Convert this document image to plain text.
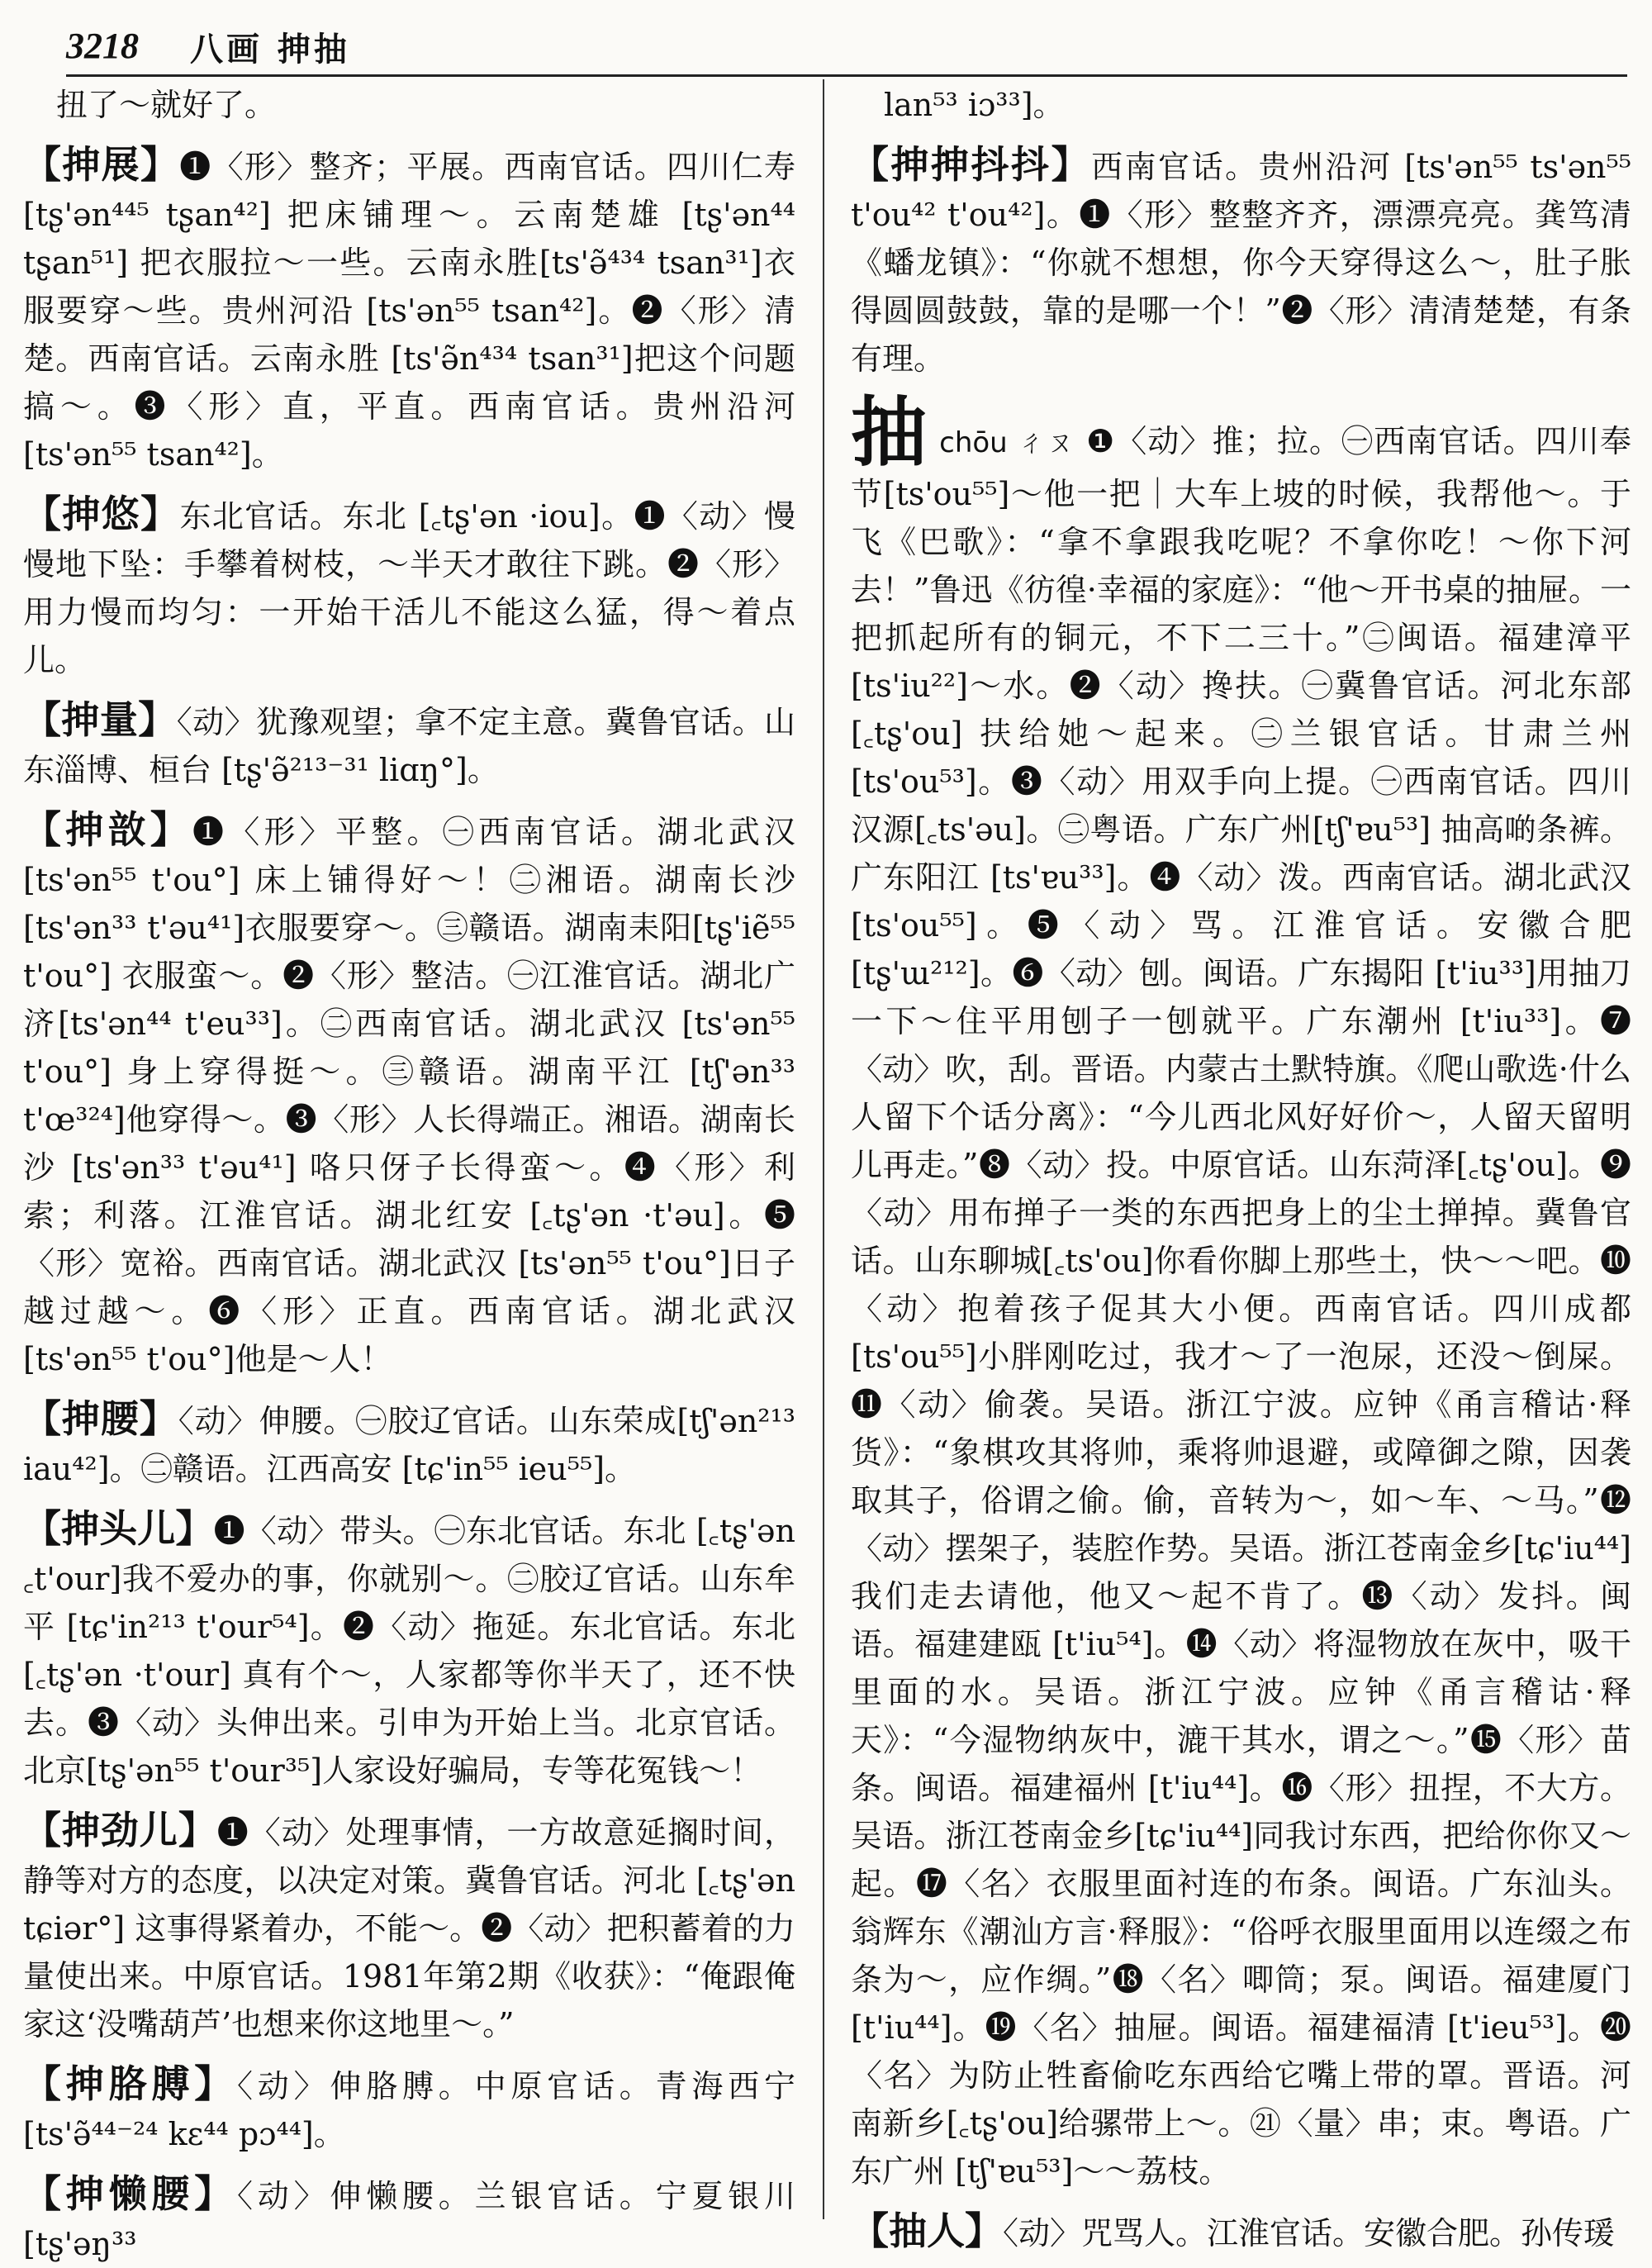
3218 八画 抻抽
扭了～就好了。
【抻展】❶〈形〉整齐；平展。西南官话。四川仁寿[tʂ'ən⁴⁴⁵ tʂan⁴²] 把床铺理～。云南楚雄 [tʂ'ən⁴⁴ tʂan⁵¹] 把衣服拉～一些。云南永胜[ts'ə̃⁴³⁴ tsan³¹]衣服要穿～些。贵州河沿 [ts'ən⁵⁵ tsan⁴²]。❷〈形〉清楚。西南官话。云南永胜 [ts'ə̃n⁴³⁴ tsan³¹]把这个问题搞～。❸〈形〉直，平直。西南官话。贵州沿河 [ts'ən⁵⁵ tsan⁴²]。
【抻悠】东北官话。东北 [꜀tʂ'ən ·iou]。❶〈动〉慢慢地下坠：手攀着树枝，～半天才敢往下跳。❷〈形〉用力慢而均匀：一开始干活儿不能这么猛，得～着点儿。
【抻量】〈动〉犹豫观望；拿不定主意。冀鲁官话。山东淄博、桓台 [tʂ'ə̃²¹³⁻³¹ liɑŋ°]。
【抻敨】❶〈形〉平整。㊀西南官话。湖北武汉 [ts'ən⁵⁵ t'ou°] 床上铺得好～！㊁湘语。湖南长沙 [ts'ən³³ t'əu⁴¹]衣服要穿～。㊂赣语。湖南耒阳[tʂ'iẽ⁵⁵ t'ou°] 衣服蛮～。❷〈形〉整洁。㊀江淮官话。湖北广济[ts'ən⁴⁴ t'eu³³]。㊁西南官话。湖北武汉 [ts'ən⁵⁵ t'ou°] 身上穿得挺～。㊂赣语。湖南平江 [tʃ'ən³³ t'œ³²⁴]他穿得～。❸〈形〉人长得端正。湘语。湖南长沙 [ts'ən³³ t'əu⁴¹] 咯只伢子长得蛮～。❹〈形〉利索；利落。江淮官话。湖北红安 [꜀tʂ'ən ·t'əu]。❺〈形〉宽裕。西南官话。湖北武汉 [ts'ən⁵⁵ t'ou°]日子越过越～。❻〈形〉正直。西南官话。湖北武汉 [ts'ən⁵⁵ t'ou°]他是～人！
【抻腰】〈动〉伸腰。㊀胶辽官话。山东荣成[tʃ'ən²¹³ iau⁴²]。㊁赣语。江西高安 [tɕ'in⁵⁵ ieu⁵⁵]。
【抻头儿】❶〈动〉带头。㊀东北官话。东北 [꜀tʂ'ən ꜀t'our]我不爱办的事，你就别～。㊁胶辽官话。山东牟平 [tɕ'in²¹³ t'our⁵⁴]。❷〈动〉拖延。东北官话。东北 [꜀tʂ'ən ·t'our] 真有个～，人家都等你半天了，还不快去。❸〈动〉头伸出来。引申为开始上当。北京官话。北京[tʂ'ən⁵⁵ t'our³⁵]人家设好骗局，专等花冤钱～！
【抻劲儿】❶〈动〉处理事情，一方故意延搁时间，静等对方的态度，以决定对策。冀鲁官话。河北 [꜀tʂ'ən tɕiər°] 这事得紧着办，不能～。❷〈动〉把积蓄着的力量使出来。中原官话。1981年第2期《收获》：“俺跟俺家这‘没嘴葫芦’也想来你这地里～。”
【抻胳膊】〈动〉伸胳膊。中原官话。青海西宁[ts'ə̃⁴⁴⁻²⁴ kɛ⁴⁴ pɔ⁴⁴]。
【抻懒腰】〈动〉伸懒腰。兰银官话。宁夏银川 [tʂ'əŋ³³
lan⁵³ iɔ³³]。
【抻抻抖抖】西南官话。贵州沿河 [ts'ən⁵⁵ ts'ən⁵⁵ t'ou⁴² t'ou⁴²]。❶〈形〉整整齐齐，漂漂亮亮。龚笃清《蟠龙镇》：“你就不想想，你今天穿得这么～，肚子胀得圆圆鼓鼓，靠的是哪一个！”❷〈形〉清清楚楚，有条有理。
抽chōu ㄔㄡ ❶〈动〉推；拉。㊀西南官话。四川奉节[ts'ou⁵⁵]～他一把｜大车上坡的时候，我帮他～。于飞《巴歌》：“拿不拿跟我吃呢？不拿你吃！～你下河去！”鲁迅《彷徨·幸福的家庭》：“他～开书桌的抽屉。一把抓起所有的铜元，不下二三十。”㊁闽语。福建漳平[ts'iu²²]～水。❷〈动〉搀扶。㊀冀鲁官话。河北东部 [꜀tʂ'ou] 扶给她～起来。㊁兰银官话。甘肃兰州[ts'ou⁵³]。❸〈动〉用双手向上提。㊀西南官话。四川汉源[꜀ts'əu]。㊁粤语。广东广州[tʃ'ɐu⁵³] 抽高啲条裤。广东阳江 [ts'ɐu³³]。❹〈动〉泼。西南官话。湖北武汉[ts'ou⁵⁵]。❺〈动〉骂。江淮官话。安徽合肥[tʂ'ɯ²¹²]。❻〈动〉刨。闽语。广东揭阳 [t'iu³³]用抽刀一下～住平用刨子一刨就平。广东潮州 [t'iu³³]。❼〈动〉吹，刮。晋语。内蒙古土默特旗。《爬山歌选·什么人留下个话分离》：“今儿西北风好好价～，人留天留明儿再走。”❽〈动〉投。中原官话。山东菏泽[꜀tʂ'ou]。❾〈动〉用布掸子一类的东西把身上的尘土掸掉。冀鲁官话。山东聊城[꜀ts'ou]你看你脚上那些土，快～～吧。❿〈动〉抱着孩子促其大小便。西南官话。四川成都 [ts'ou⁵⁵]小胖刚吃过，我才～了一泡尿，还没～倒屎。⓫〈动〉偷袭。吴语。浙江宁波。应钟《甬言稽诂·释货》：“象棋攻其将帅，乘将帅退避，或障御之隙，因袭取其子，俗谓之偷。偷，音转为～，如～车、～马。”⓬〈动〉摆架子，装腔作势。吴语。浙江苍南金乡[tɕ'iu⁴⁴]我们走去请他，他又～起不肯了。⓭〈动〉发抖。闽语。福建建瓯 [t'iu⁵⁴]。⓮〈动〉将湿物放在灰中，吸干里面的水。吴语。浙江宁波。应钟《甬言稽诂·释天》：“今湿物纳灰中，漉干其水，谓之～。”⓯〈形〉苗条。闽语。福建福州 [t'iu⁴⁴]。⓰〈形〉扭捏，不大方。吴语。浙江苍南金乡[tɕ'iu⁴⁴]同我讨东西，把给你你又～起。⓱〈名〉衣服里面衬连的布条。闽语。广东汕头。翁辉东《潮汕方言·释服》：“俗呼衣服里面用以连缀之布条为～，应作绸。”⓲〈名〉唧筒；泵。闽语。福建厦门[t'iu⁴⁴]。⓳〈名〉抽屉。闽语。福建福清 [t'ieu⁵³]。⓴〈名〉为防止牲畜偷吃东西给它嘴上带的罩。晋语。河南新乡[꜀tʂ'ou]给骡带上～。㉑〈量〉串；束。粤语。广东广州 [tʃ'ɐu⁵³]～～荔枝。
【抽人】〈动〉咒骂人。江淮官话。安徽合肥。孙传瑗
